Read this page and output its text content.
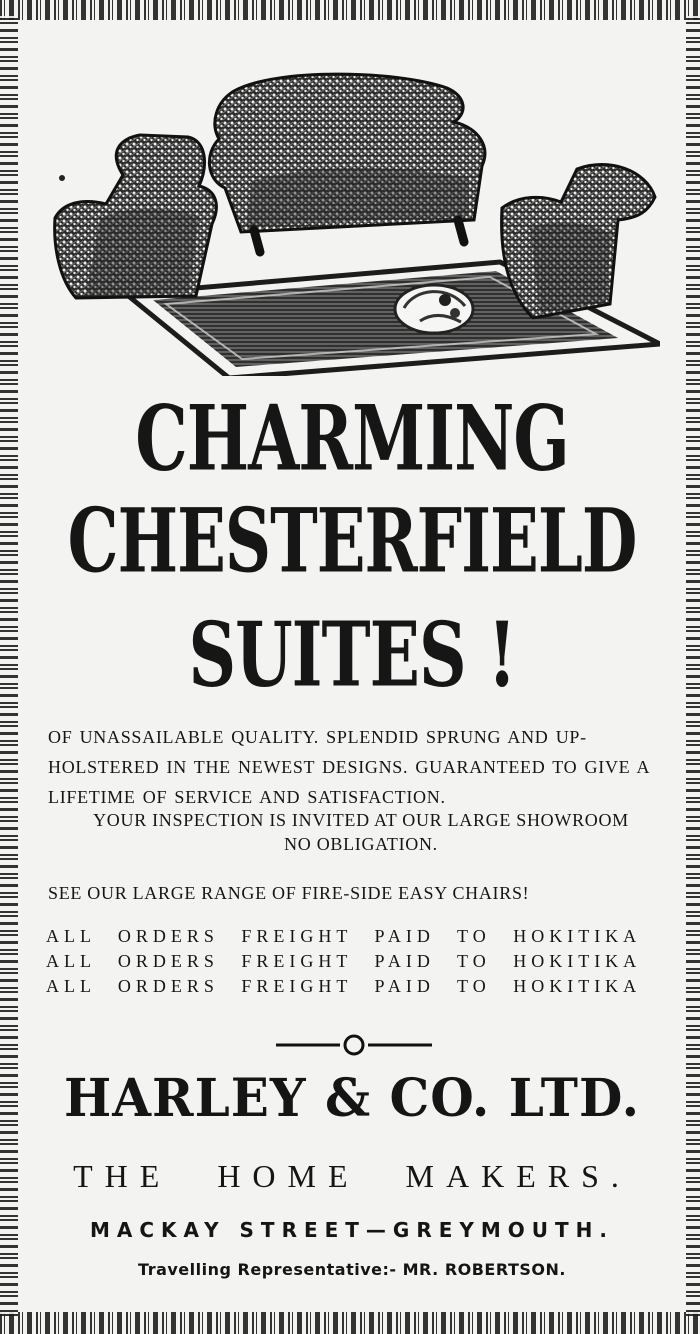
CHARMING
CHESTERFIELD
SUITES !

OF UNASSAILABLE QUALITY. SPLENDID SPRUNG AND UP-HOLSTERED IN THE NEWEST DESIGNS. GUARANTEED TO GIVE A LIFETIME OF SERVICE AND SATISFACTION.

YOUR INSPECTION IS INVITED AT OUR LARGE SHOWROOM
NO OBLIGATION.
SEE OUR LARGE RANGE OF FIRE-SIDE EASY CHAIRS!
ALL ORDERS FREIGHT PAID TO HOKITIKA
ALL ORDERS FREIGHT PAID TO HOKITIKA
ALL ORDERS FREIGHT PAID TO HOKITIKA
HARLEY & CO. LTD.
THE HOME MAKERS.
MACKAY STREET—GREYMOUTH.
Travelling Representative:- MR. ROBERTSON.
